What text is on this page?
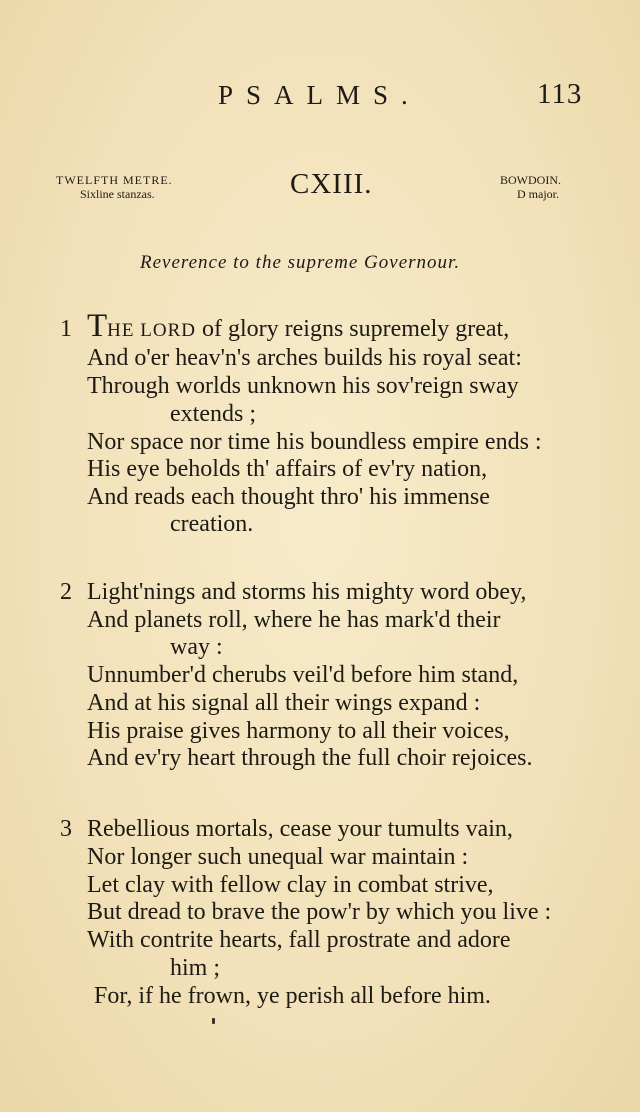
PSALMS.	113
TWELFTH METRE.
Sixline stanzas.	CXIII.	BOWDOIN.
D major.
Reverence to the supreme Governour.
1 THE LORD of glory reigns supremely great,
And o'er heav'n's arches builds his royal seat:
Through worlds unknown his sov'reign sway
extends ;
Nor space nor time his boundless empire ends :
His eye beholds th' affairs of ev'ry nation,
And reads each thought thro' his immense
creation.
2 Light'nings and storms his mighty word obey,
And planets roll, where he has mark'd their
way :
Unnumber'd cherubs veil'd before him stand,
And at his signal all their wings expand :
His praise gives harmony to all their voices,
And ev'ry heart through the full choir rejoices.
3 Rebellious mortals, cease your tumults vain,
Nor longer such unequal war maintain :
Let clay with fellow clay in combat strive,
But dread to brave the pow'r by which you live :
With contrite hearts, fall prostrate and adore
him ;
For, if he frown, ye perish all before him.
